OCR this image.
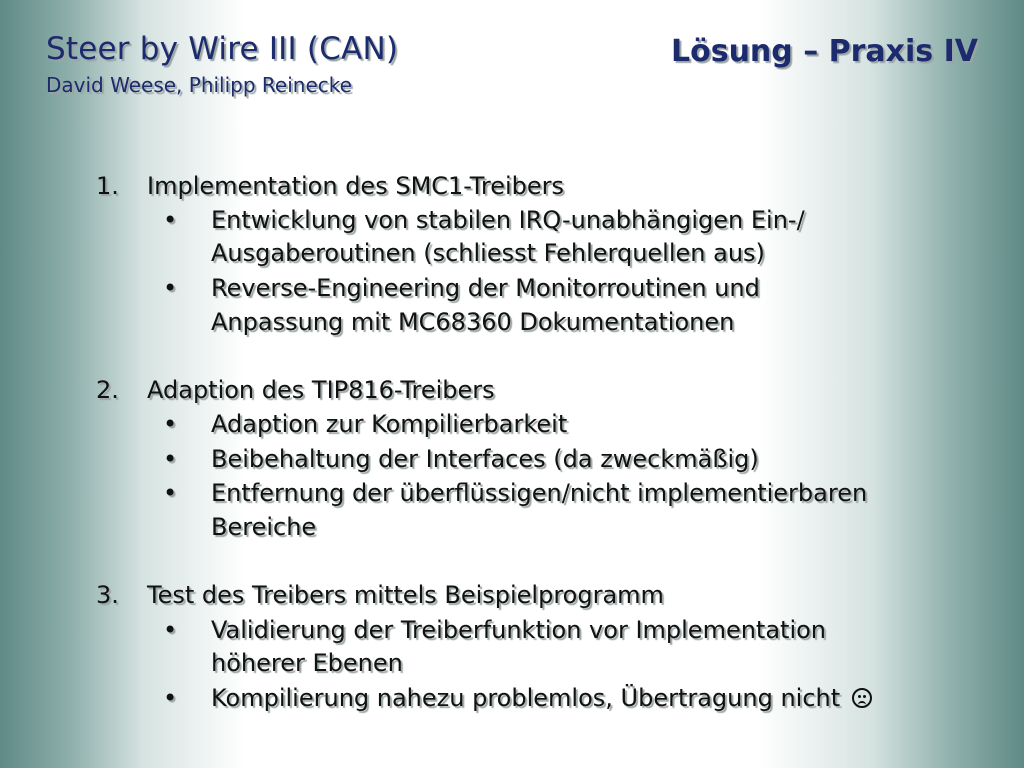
Steer by Wire III (CAN)
David Weese, Philipp Reinecke
Lösung – Praxis IV
1. Implementation des SMC1-Treibers
• Entwicklung von stabilen IRQ-unabhängigen Ein-/
Ausgaberoutinen (schliesst Fehlerquellen aus)
• Reverse-Engineering der Monitorroutinen und
Anpassung mit MC68360 Dokumentationen
2. Adaption des TIP816-Treibers
• Adaption zur Kompilierbarkeit
• Beibehaltung der Interfaces (da zweckmäßig)
• Entfernung der überflüssigen/nicht implementierbaren
Bereiche
3. Test des Treibers mittels Beispielprogramm
• Validierung der Treiberfunktion vor Implementation
höherer Ebenen
• Kompilierung nahezu problemlos, Übertragung nicht
